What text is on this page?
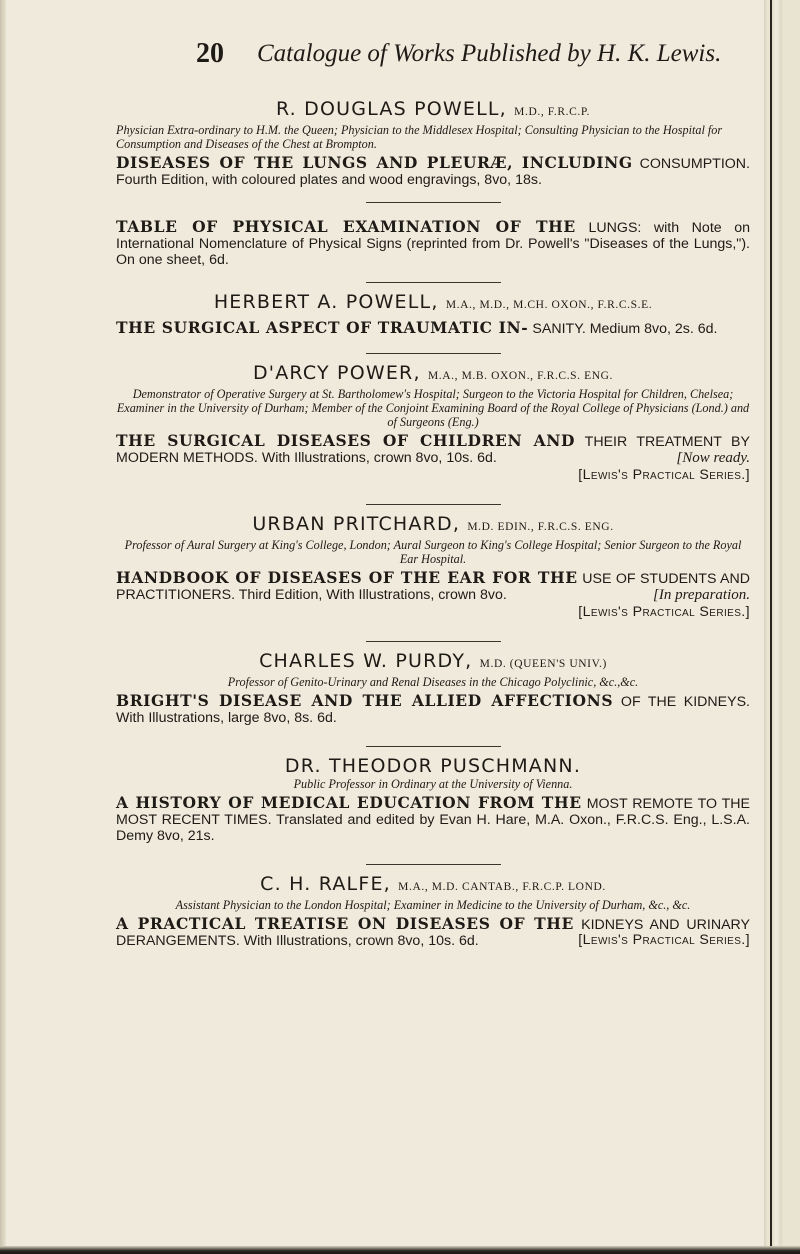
20 Catalogue of Works Published by H. K. Lewis.
R. DOUGLAS POWELL, M.D., F.R.C.P.
Physician Extra-ordinary to H.M. the Queen; Physician to the Middlesex Hospital; Consulting Physician to the Hospital for Consumption and Diseases of the Chest at Brompton.
DISEASES OF THE LUNGS AND PLEURÆ, INCLUDING CONSUMPTION. Fourth Edition, with coloured plates and wood engravings, 8vo, 18s.
TABLE OF PHYSICAL EXAMINATION OF THE LUNGS: with Note on International Nomenclature of Physical Signs (reprinted from Dr. Powell's "Diseases of the Lungs,"). On one sheet, 6d.
HERBERT A. POWELL, M.A., M.D., M.CH. OXON., F.R.C.S.E.
THE SURGICAL ASPECT OF TRAUMATIC IN- SANITY. Medium 8vo, 2s. 6d.
D'ARCY POWER, M.A., M.B. OXON., F.R.C.S. ENG.
Demonstrator of Operative Surgery at St. Bartholomew's Hospital; Surgeon to the Victoria Hospital for Children, Chelsea; Examiner in the University of Durham; Member of the Conjoint Examining Board of the Royal College of Physicians (Lond.) and of Surgeons (Eng.)
THE SURGICAL DISEASES OF CHILDREN AND THEIR TREATMENT BY MODERN METHODS. With Illustrations, crown 8vo, 10s. 6d.	[Now ready.
[Lewis's Practical Series.]
URBAN PRITCHARD, M.D. EDIN., F.R.C.S. ENG.
Professor of Aural Surgery at King's College, London; Aural Surgeon to King's College Hospital; Senior Surgeon to the Royal Ear Hospital.
HANDBOOK OF DISEASES OF THE EAR FOR THE USE OF STUDENTS AND PRACTITIONERS. Third Edition, With Illustrations, crown 8vo.	[In preparation.
[Lewis's Practical Series.]
CHARLES W. PURDY, M.D. (QUEEN'S UNIV.)
Professor of Genito-Urinary and Renal Diseases in the Chicago Polyclinic, &c.,&c.
BRIGHT'S DISEASE AND THE ALLIED AFFECTIONS OF THE KIDNEYS. With Illustrations, large 8vo, 8s. 6d.
DR. THEODOR PUSCHMANN.
Public Professor in Ordinary at the University of Vienna.
A HISTORY OF MEDICAL EDUCATION FROM THE MOST REMOTE TO THE MOST RECENT TIMES. Translated and edited by Evan H. Hare, M.A. Oxon., F.R.C.S. Eng., L.S.A. Demy 8vo, 21s.
C. H. RALFE, M.A., M.D. CANTAB., F.R.C.P. LOND.
Assistant Physician to the London Hospital; Examiner in Medicine to the University of Durham, &c., &c.
A PRACTICAL TREATISE ON DISEASES OF THE KIDNEYS AND URINARY DERANGEMENTS. With Illustrations, crown 8vo, 10s. 6d.	[Lewis's Practical Series.]
